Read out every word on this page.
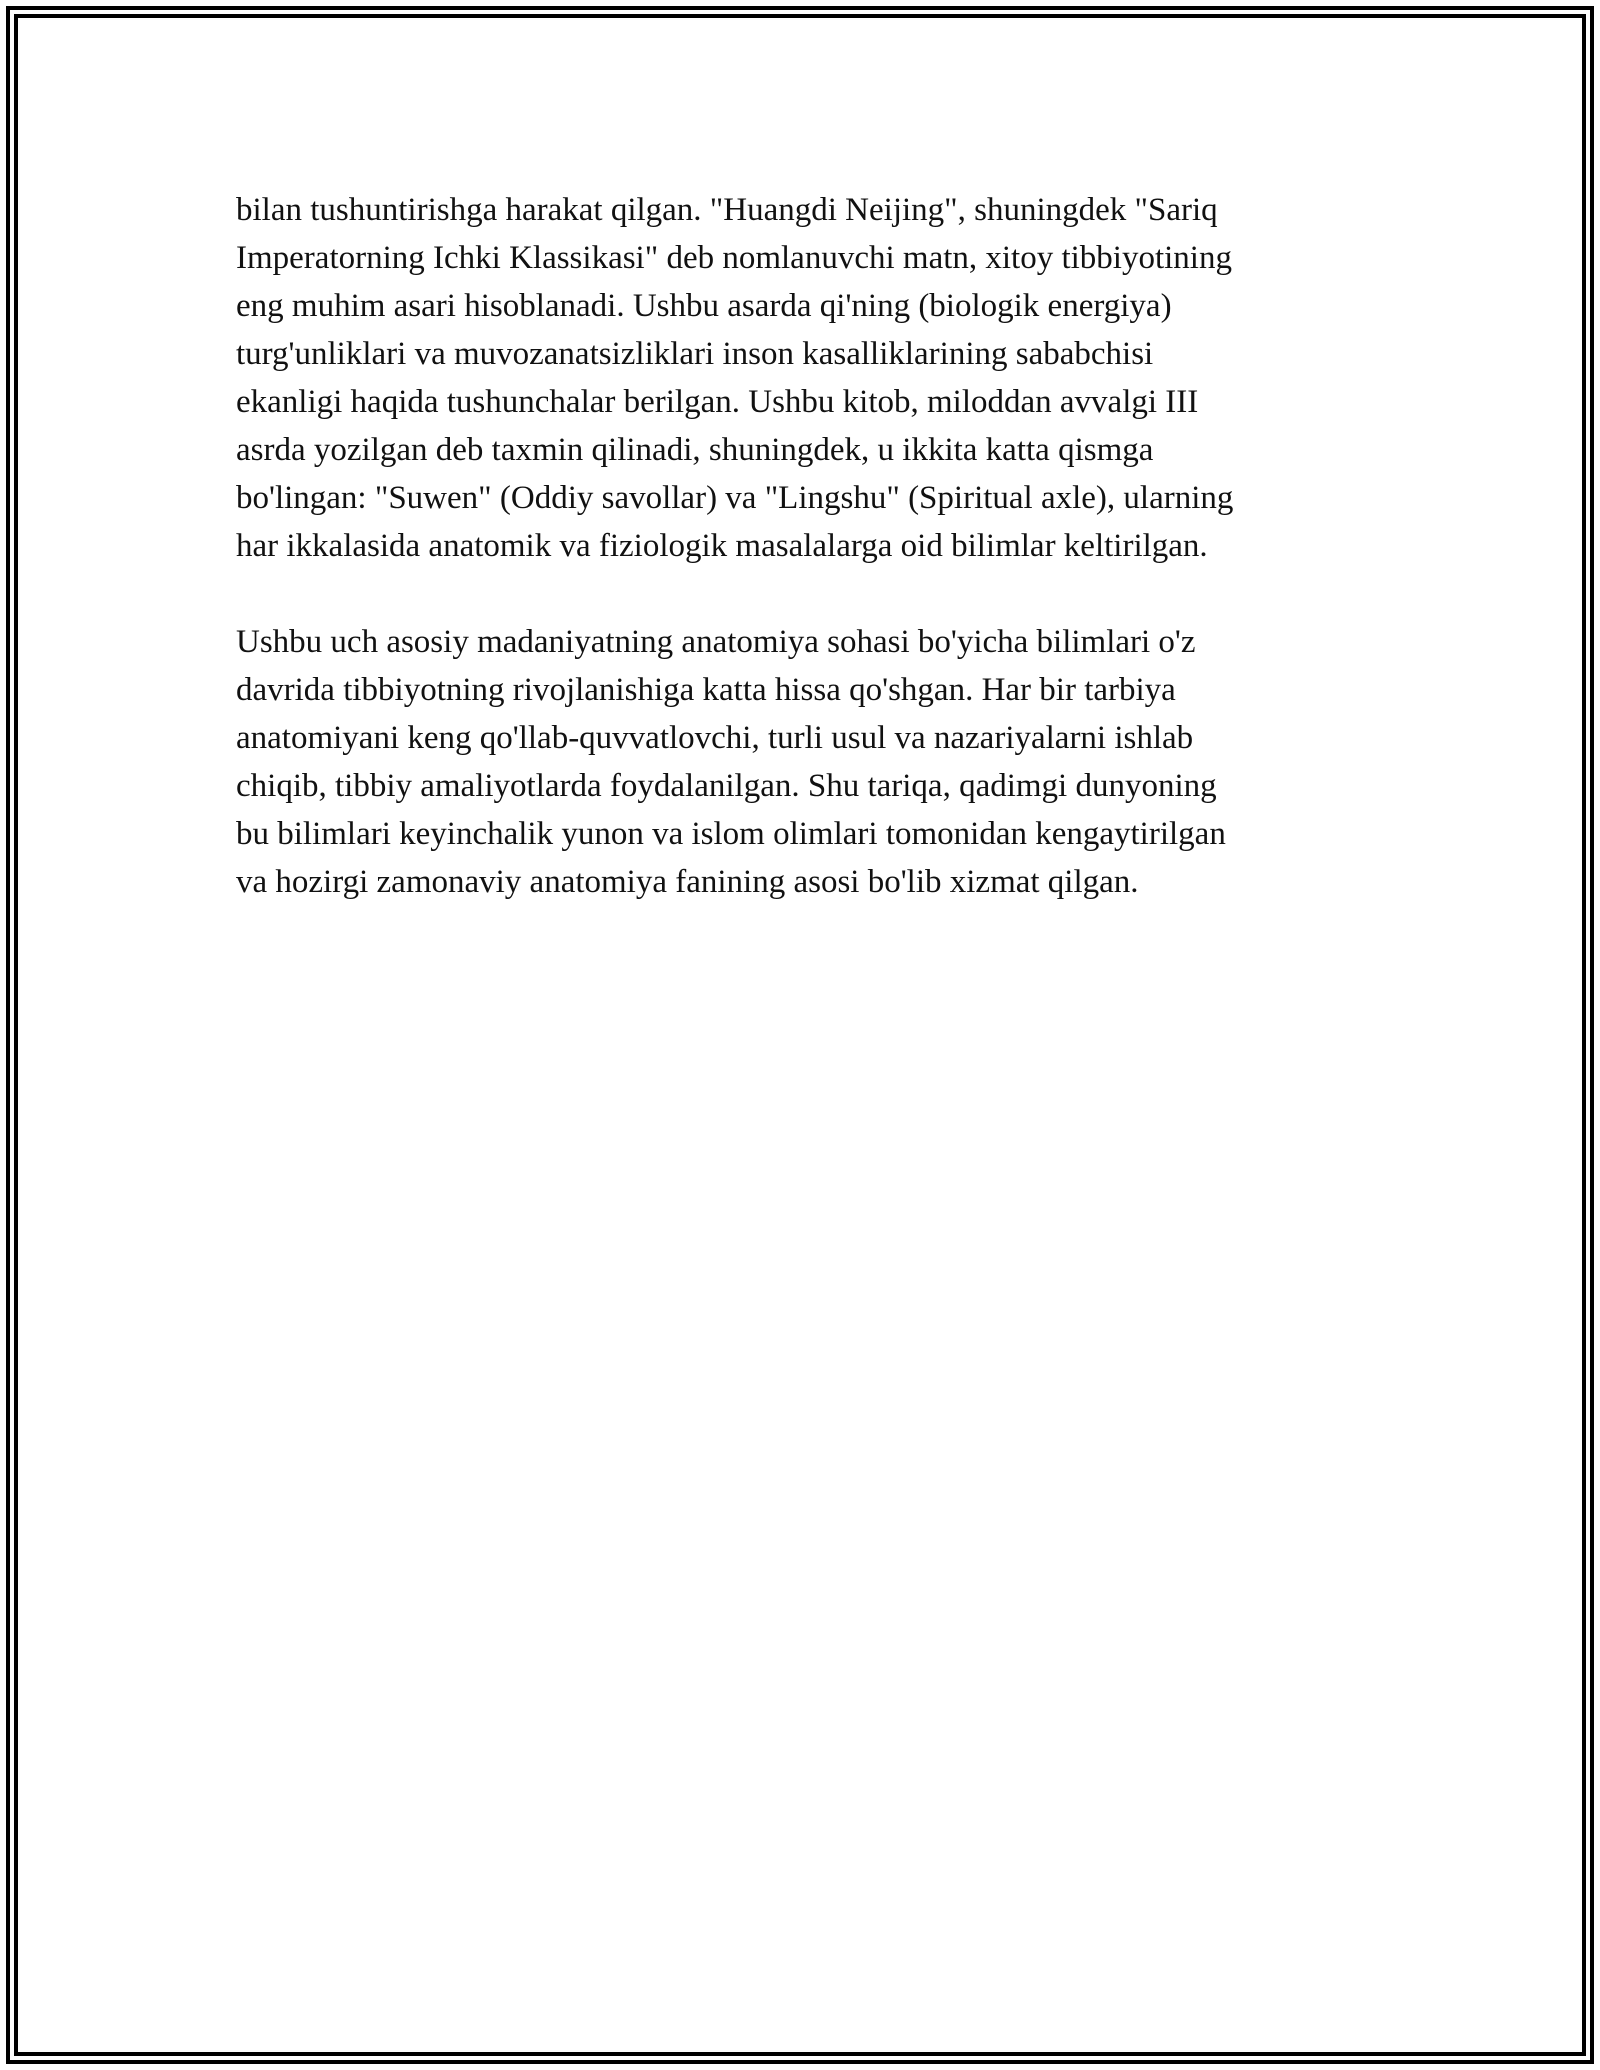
bilan tushuntirishga harakat qilgan. "Huangdi Neijing", shuningdek "Sariq
Imperatorning Ichki Klassikasi" deb nomlanuvchi matn, xitoy tibbiyotining
eng muhim asari hisoblanadi. Ushbu asarda qi'ning (biologik energiya)
turg'unliklari va muvozanatsizliklari inson kasalliklarining sababchisi
ekanligi haqida tushunchalar berilgan. Ushbu kitob, miloddan avvalgi III
asrda yozilgan deb taxmin qilinadi, shuningdek, u ikkita katta qismga
bo'lingan: "Suwen" (Oddiy savollar) va "Lingshu" (Spiritual axle), ularning
har ikkalasida anatomik va fiziologik masalalarga oid bilimlar keltirilgan.

Ushbu uch asosiy madaniyatning anatomiya sohasi bo'yicha bilimlari o'z
davrida tibbiyotning rivojlanishiga katta hissa qo'shgan. Har bir tarbiya
anatomiyani keng qo'llab-quvvatlovchi, turli usul va nazariyalarni ishlab
chiqib, tibbiy amaliyotlarda foydalanilgan. Shu tariqa, qadimgi dunyoning
bu bilimlari keyinchalik yunon va islom olimlari tomonidan kengaytirilgan
va hozirgi zamonaviy anatomiya fanining asosi bo'lib xizmat qilgan.
